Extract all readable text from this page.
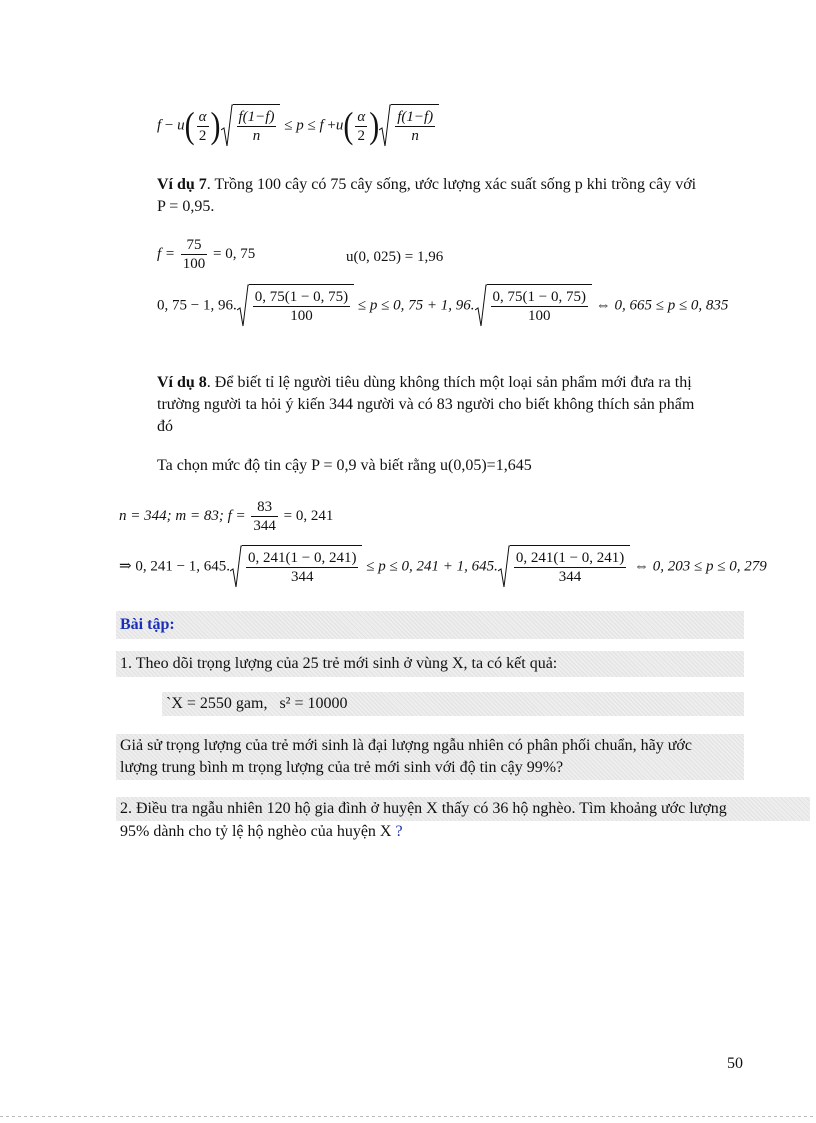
$f - u( \frac{\alpha}{2}$ ) $\frac{f(1-f)}{n} \le p \le f +u( \frac{\alpha}{2}$ ) $\frac{f(1-f)}{n}$
Ví dụ 7. Trồng 100 cây có 75 cây sống, ước lượng xác suất sống p khi trồng cây với
P = 0,95.
$f = \frac{75}{100} = 0$, 75	u(0, 025) = 1,96
0, 75 − 1, 96. $\frac{0, 75(1 - 0, 75)}{100} \le p \le 0$, 75 + 1, 96. $\frac{0, 75(1 - 0, 75)}{100}$ ⇔ 0, 665 ≤ p ≤ 0, 835
Ví dụ 8. Để biết tỉ lệ người tiêu dùng không thích một loại sản phẩm mới đưa ra thị
trường người ta hỏi ý kiến 344 người và có 83 người cho biết không thích sản phẩm
đó
Ta chọn mức độ tin cậy P = 0,9 và biết rằng u(0,05)=1,645
n = 344; m = 83; $f = \frac{83}{344} = 0$, 241
⇒ 0, 241 − 1, 645. $\frac{0, 241(1 - 0, 241)}{344} \le p \le 0$, 241 + 1, 645. $\frac{0, 241(1 - 0, 241)}{344}$ ⇔ 0, 203 ≤ p ≤ 0, 279
Bài tập:
1. Theo dõi trọng lượng của 25 trẻ mới sinh ở vùng X, ta có kết quả:
`X = 2550 gam,   s² = 10000
Giả sử trọng lượng của trẻ mới sinh là đại lượng ngẫu nhiên có phân phối chuẩn, hãy ước
lượng trung bình m trọng lượng của trẻ mới sinh với độ tin cậy 99%?
2. Điều tra ngẫu nhiên 120 hộ gia đình ở huyện X thấy có 36 hộ nghèo. Tìm khoảng ước lượng
95% dành cho tỷ lệ hộ nghèo của huyện X ?
50
